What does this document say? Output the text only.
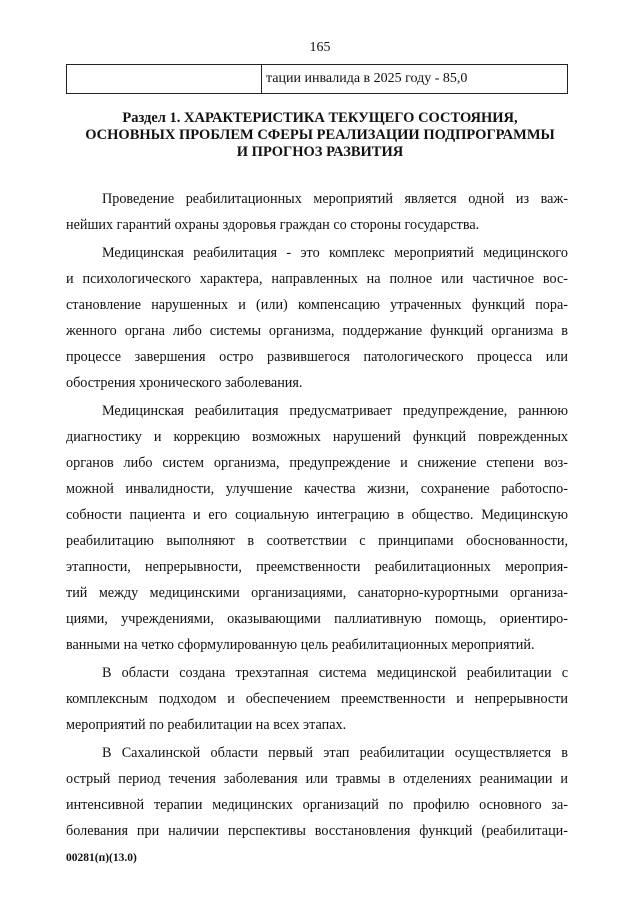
165
	тации инвалида в 2025 году - 85,0
Раздел 1. ХАРАКТЕРИСТИКА ТЕКУЩЕГО СОСТОЯНИЯ,
ОСНОВНЫХ ПРОБЛЕМ СФЕРЫ РЕАЛИЗАЦИИ ПОДПРОГРАММЫ
И ПРОГНОЗ РАЗВИТИЯ
Проведение реабилитационных мероприятий является одной из важ-
нейших гарантий охраны здоровья граждан со стороны государства.
Медицинская реабилитация - это комплекс мероприятий медицинского
и психологического характера, направленных на полное или частичное вос-
становление нарушенных и (или) компенсацию утраченных функций пора-
женного органа либо системы организма, поддержание функций организма в
процессе завершения остро развившегося патологического процесса или
обострения хронического заболевания.
Медицинская реабилитация предусматривает предупреждение, раннюю
диагностику и коррекцию возможных нарушений функций поврежденных
органов либо систем организма, предупреждение и снижение степени воз-
можной инвалидности, улучшение качества жизни, сохранение работоспо-
собности пациента и его социальную интеграцию в общество. Медицинскую
реабилитацию выполняют в соответствии с принципами обоснованности,
этапности, непрерывности, преемственности реабилитационных мероприя-
тий между медицинскими организациями, санаторно-курортными организа-
циями, учреждениями, оказывающими паллиативную помощь, ориентиро-
ванными на четко сформулированную цель реабилитационных мероприятий.
В области создана трехэтапная система медицинской реабилитации с
комплексным подходом и обеспечением преемственности и непрерывности
мероприятий по реабилитации на всех этапах.
В Сахалинской области первый этап реабилитации осуществляется в
острый период течения заболевания или травмы в отделениях реанимации и
интенсивной терапии медицинских организаций по профилю основного за-
болевания при наличии перспективы восстановления функций (реабилитаци-
00281(п)(13.0)
